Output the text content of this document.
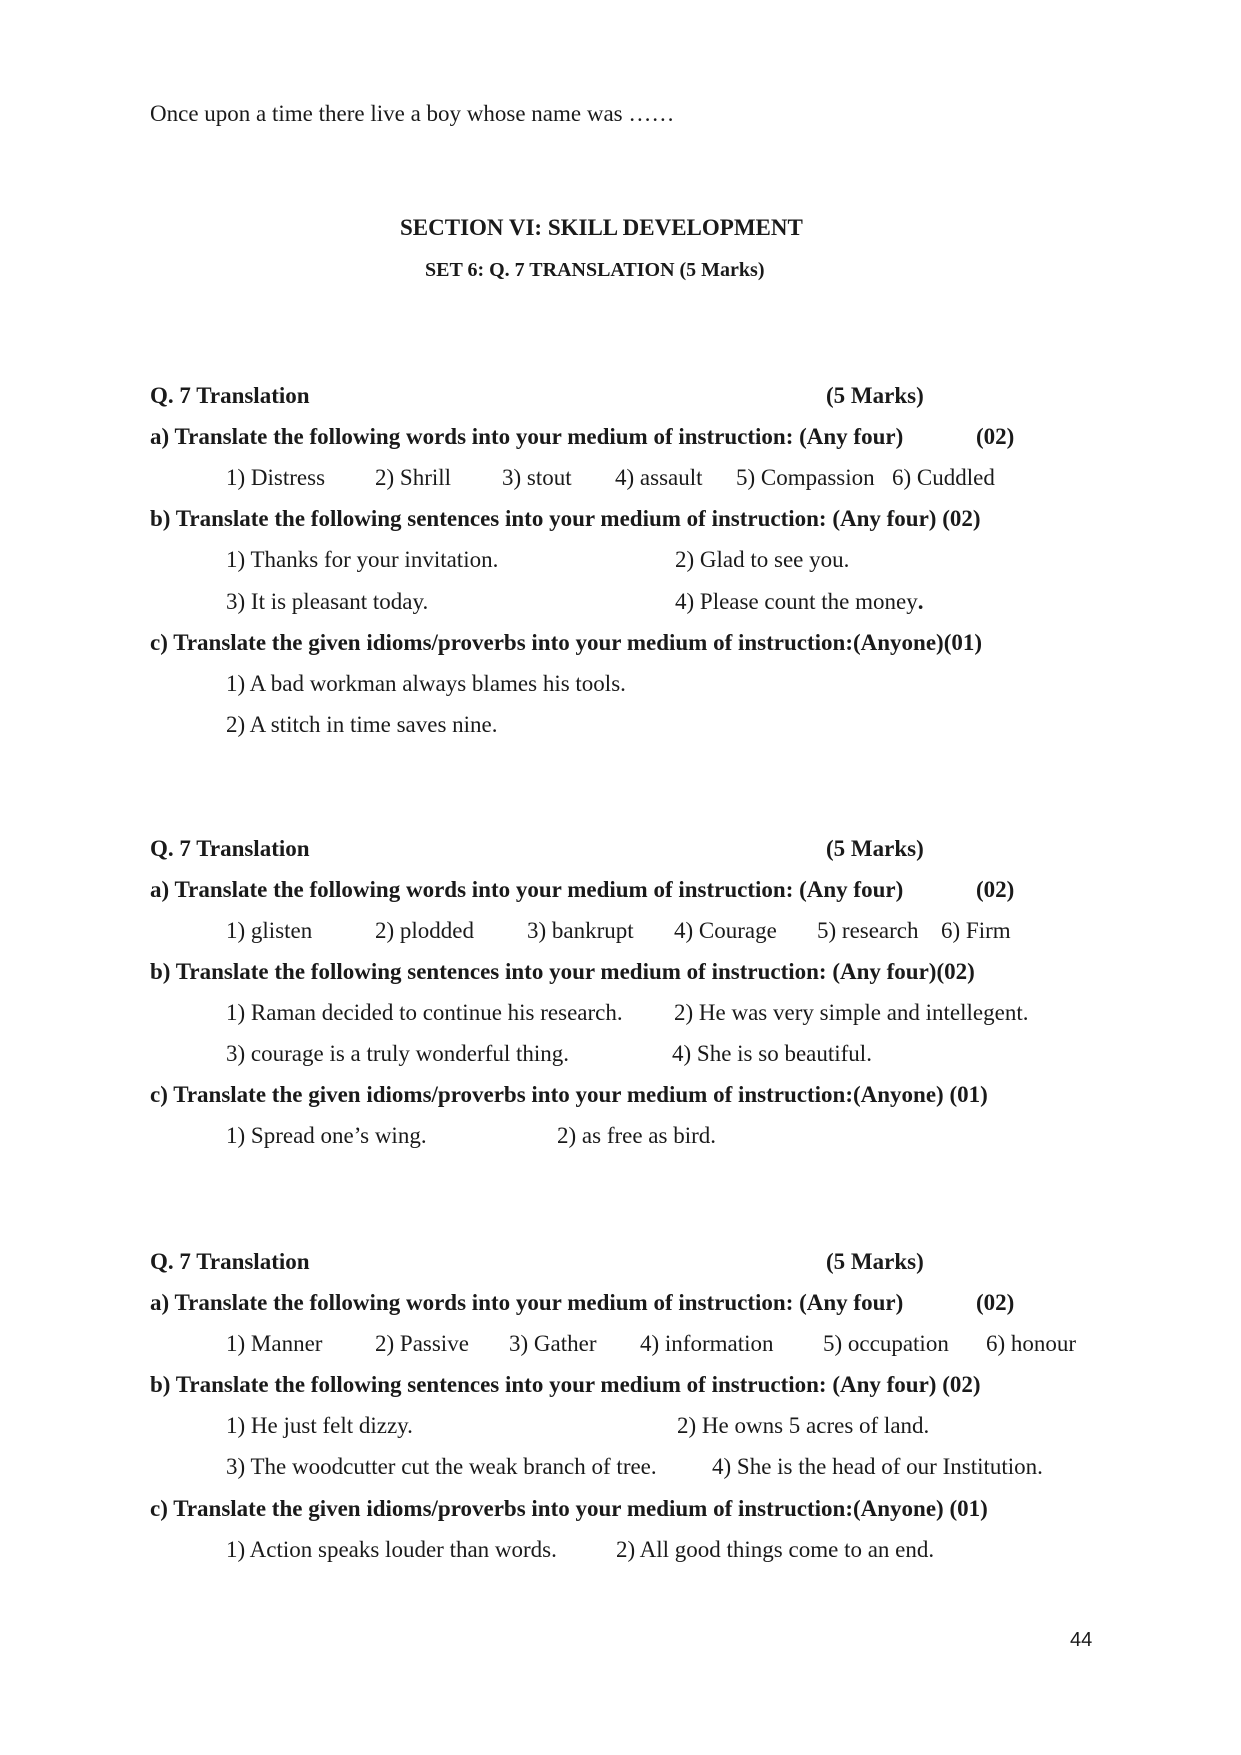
Once upon a time there live a boy whose name was ……
SECTION VI: SKILL DEVELOPMENT
SET 6: Q. 7 TRANSLATION (5 Marks)
Q. 7 Translation	(5 Marks)
a) Translate the following words into your medium of instruction: (Any four)	(02)
1) Distress 2) Shrill 3) stout 4) assault 5) Compassion 6) Cuddled
b) Translate the following sentences into your medium of instruction: (Any four) (02)
1) Thanks for your invitation.	2) Glad to see you.
3) It is pleasant today.	4) Please count the money.
c) Translate the given idioms/proverbs into your medium of instruction:(Anyone)(01)
1) A bad workman always blames his tools.
2) A stitch in time saves nine.
Q. 7 Translation	(5 Marks)
a) Translate the following words into your medium of instruction: (Any four)	(02)
1) glisten	2) plodded 3) bankrupt 4) Courage 5) research 6) Firm
b) Translate the following sentences into your medium of instruction: (Any four)(02)
1) Raman decided to continue his research. 2) He was very simple and intellegent.
3) courage is a truly wonderful thing.	4) She is so beautiful.
c) Translate the given idioms/proverbs into your medium of instruction:(Anyone) (01)
1) Spread one’s wing.	2) as free as bird.
Q. 7 Translation	(5 Marks)
a) Translate the following words into your medium of instruction: (Any four)	(02)
1) Manner 2) Passive 3) Gather 4) information 5) occupation 6) honour
b) Translate the following sentences into your medium of instruction: (Any four) (02)
1) He just felt dizzy.	2) He owns 5 acres of land.
3) The woodcutter cut the weak branch of tree. 4) She is the head of our Institution.
c) Translate the given idioms/proverbs into your medium of instruction:(Anyone) (01)
1) Action speaks louder than words.	2) All good things come to an end.
44
